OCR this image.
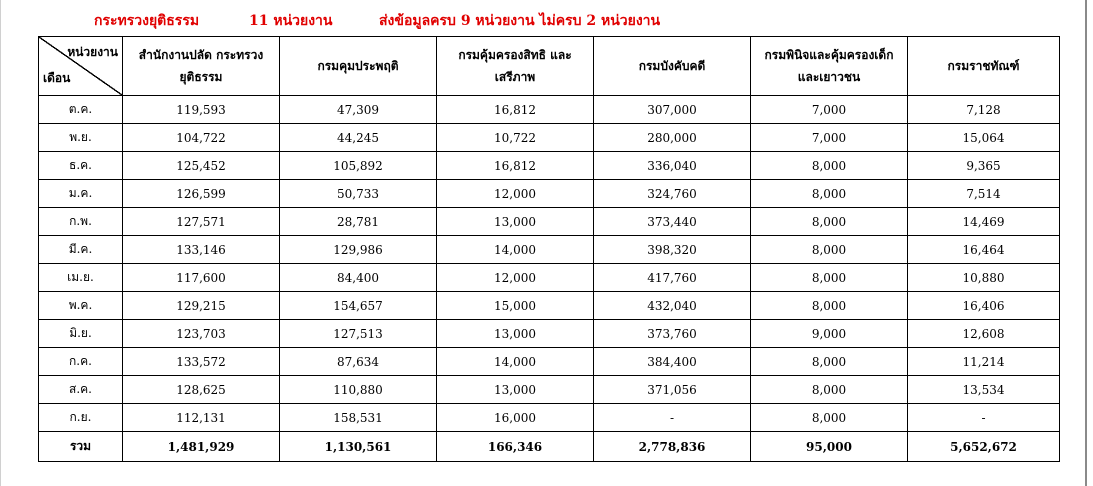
กระทรวงยุติธรรม	11 หน่วยงาน	ส่งข้อมูลครบ 9 หน่วยงาน ไม่ครบ 2 หน่วยงาน
หน่วยงาน
เดือน	สำนักงานปลัด กระทรวงยุติธรรม	กรมคุมประพฤติ	กรมคุ้มครองสิทธิ และเสรีภาพ	กรมบังคับคดี	กรมพินิจและคุ้มครองเด็ก และเยาวชน	กรมราชทัณฑ์

ต.ค.	119,593	47,309	16,812	307,000	7,000	7,128
พ.ย.	104,722	44,245	10,722	280,000	7,000	15,064
ธ.ค.	125,452	105,892	16,812	336,040	8,000	9,365
ม.ค.	126,599	50,733	12,000	324,760	8,000	7,514
ก.พ.	127,571	28,781	13,000	373,440	8,000	14,469
มี.ค.	133,146	129,986	14,000	398,320	8,000	16,464
เม.ย.	117,600	84,400	12,000	417,760	8,000	10,880
พ.ค.	129,215	154,657	15,000	432,040	8,000	16,406
มิ.ย.	123,703	127,513	13,000	373,760	9,000	12,608
ก.ค.	133,572	87,634	14,000	384,400	8,000	11,214
ส.ค.	128,625	110,880	13,000	371,056	8,000	13,534
ก.ย.	112,131	158,531	16,000	-	8,000	-
รวม	1,481,929	1,130,561	166,346	2,778,836	95,000	5,652,672
